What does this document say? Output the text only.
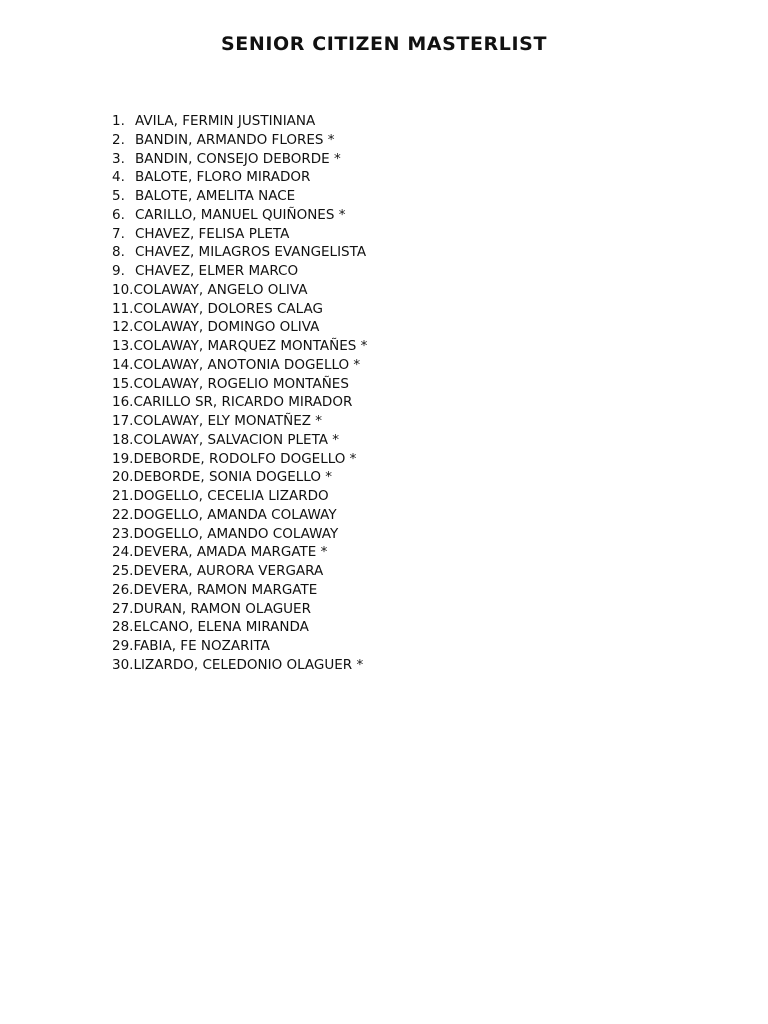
SENIOR CITIZEN MASTERLIST
1. AVILA, FERMIN JUSTINIANA
2. BANDIN, ARMANDO FLORES *
3. BANDIN, CONSEJO DEBORDE *
4. BALOTE, FLORO MIRADOR
5. BALOTE, AMELITA NACE
6. CARILLO, MANUEL QUIÑONES *
7. CHAVEZ, FELISA PLETA
8. CHAVEZ, MILAGROS EVANGELISTA
9. CHAVEZ, ELMER MARCO
10. COLAWAY, ANGELO OLIVA
11. COLAWAY, DOLORES CALAG
12. COLAWAY, DOMINGO OLIVA
13. COLAWAY, MARQUEZ MONTAÑES *
14. COLAWAY, ANOTONIA DOGELLO *
15. COLAWAY, ROGELIO MONTAÑES
16. CARILLO SR, RICARDO MIRADOR
17. COLAWAY, ELY MONATÑEZ *
18. COLAWAY, SALVACION PLETA *
19. DEBORDE, RODOLFO DOGELLO *
20. DEBORDE, SONIA DOGELLO *
21. DOGELLO, CECELIA LIZARDO
22. DOGELLO, AMANDA COLAWAY
23. DOGELLO, AMANDO COLAWAY
24. DEVERA, AMADA MARGATE *
25. DEVERA, AURORA VERGARA
26. DEVERA, RAMON MARGATE
27. DURAN, RAMON OLAGUER
28. ELCANO, ELENA MIRANDA
29. FABIA, FE NOZARITA
30. LIZARDO, CELEDONIO OLAGUER *
